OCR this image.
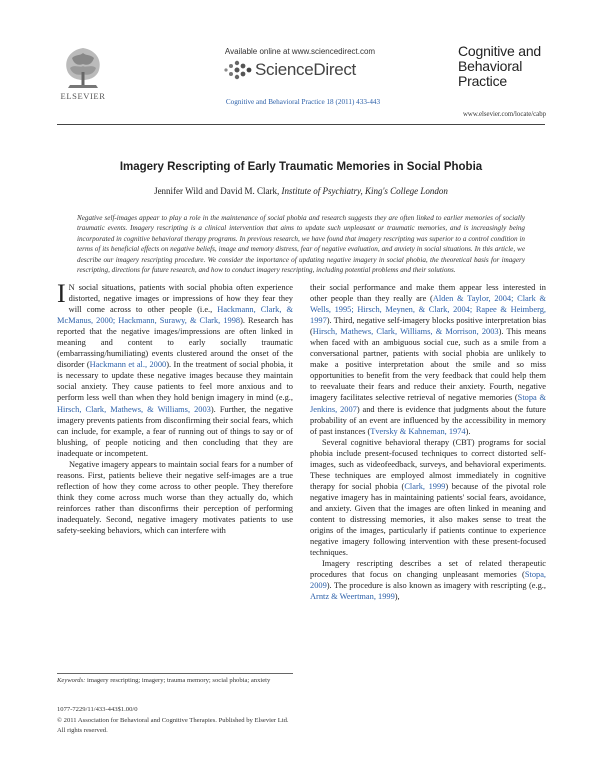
Available online at www.sciencedirect.com
ScienceDirect
ELSEVIER
Cognitive and Behavioral Practice 18 (2011) 433-443
Cognitive and
Behavioral
Practice
www.elsevier.com/locate/cabp
Imagery Rescripting of Early Traumatic Memories in Social Phobia
Jennifer Wild and David M. Clark, Institute of Psychiatry, King's College London
Negative self-images appear to play a role in the maintenance of social phobia and research suggests they are often linked to earlier memories of socially traumatic events. Imagery rescripting is a clinical intervention that aims to update such unpleasant or traumatic memories, and is increasingly being incorporated in cognitive behavioral therapy programs. In previous research, we have found that imagery rescripting was superior to a control condition in terms of its beneficial effects on negative beliefs, image and memory distress, fear of negative evaluation, and anxiety in social situations. In this article, we describe our imagery rescripting procedure. We consider the importance of updating negative imagery in social phobia, the theoretical basis for imagery rescripting, directions for future research, and how to conduct imagery rescripting, including potential problems and their solutions.

I N social situations, patients with social phobia often experience distorted, negative images or impressions of how they fear they will come across to other people (i.e., Hackmann, Clark, & McManus, 2000; Hackmann, Surawy, & Clark, 1998). Research has reported that the negative images/impressions are often linked in meaning and content to early socially traumatic (embarrassing/humiliating) events clustered around the onset of the disorder (Hackmann et al., 2000). In the treatment of social phobia, it is necessary to update these negative images because they maintain social anxiety. They cause patients to feel more anxious and to perform less well than when they hold benign imagery in mind (e.g., Hirsch, Clark, Mathews, & Williams, 2003). Further, the negative imagery prevents patients from disconfirming their social fears, which can include, for example, a fear of running out of things to say or of blushing, of people noticing and then concluding that they are inadequate or incompetent.

Negative imagery appears to maintain social fears for a number of reasons. First, patients believe their negative self-images are a true reflection of how they come across to other people. They therefore think they come across much worse than they actually do, which reinforces rather than disconfirms their perception of performing inadequately. Second, negative imagery motivates patients to use safety-seeking behaviors, which can interfere with

Keywords: imagery rescripting; imagery; trauma memory; social phobia; anxiety
1077-7229/11/433-443$1.00/0
© 2011 Association for Behavioral and Cognitive Therapies. Published by Elsevier Ltd. All rights reserved.

their social performance and make them appear less interested in other people than they really are (Alden & Taylor, 2004; Clark & Wells, 1995; Hirsch, Meynen, & Clark, 2004; Rapee & Heimberg, 1997). Third, negative self-imagery blocks positive interpretation bias (Hirsch, Mathews, Clark, Williams, & Morrison, 2003). This means when faced with an ambiguous social cue, such as a smile from a conversational partner, patients with social phobia are unlikely to make a positive interpretation about the smile and so miss opportunities to benefit from the very feedback that could help them to reevaluate their fears and reduce their anxiety. Fourth, negative imagery facilitates selective retrieval of negative memories (Stopa & Jenkins, 2007) and there is evidence that judgments about the future probability of an event are influenced by the accessibility in memory of past instances (Tversky & Kahneman, 1974).

Several cognitive behavioral therapy (CBT) programs for social phobia include present-focused techniques to correct distorted self-images, such as videofeedback, surveys, and behavioral experiments. These techniques are employed almost immediately in cognitive therapy for social phobia (Clark, 1999) because of the pivotal role negative imagery has in maintaining patients' social fears, avoidance, and anxiety. Given that the images are often linked in meaning and content to distressing memories, it also makes sense to treat the origins of the images, particularly if patients continue to experience negative imagery following intervention with these present-focused techniques.

Imagery rescripting describes a set of related therapeutic procedures that focus on changing unpleasant memories (Stopa, 2009). The procedure is also known as imagery with rescripting (e.g., Arntz & Weertman, 1999),
